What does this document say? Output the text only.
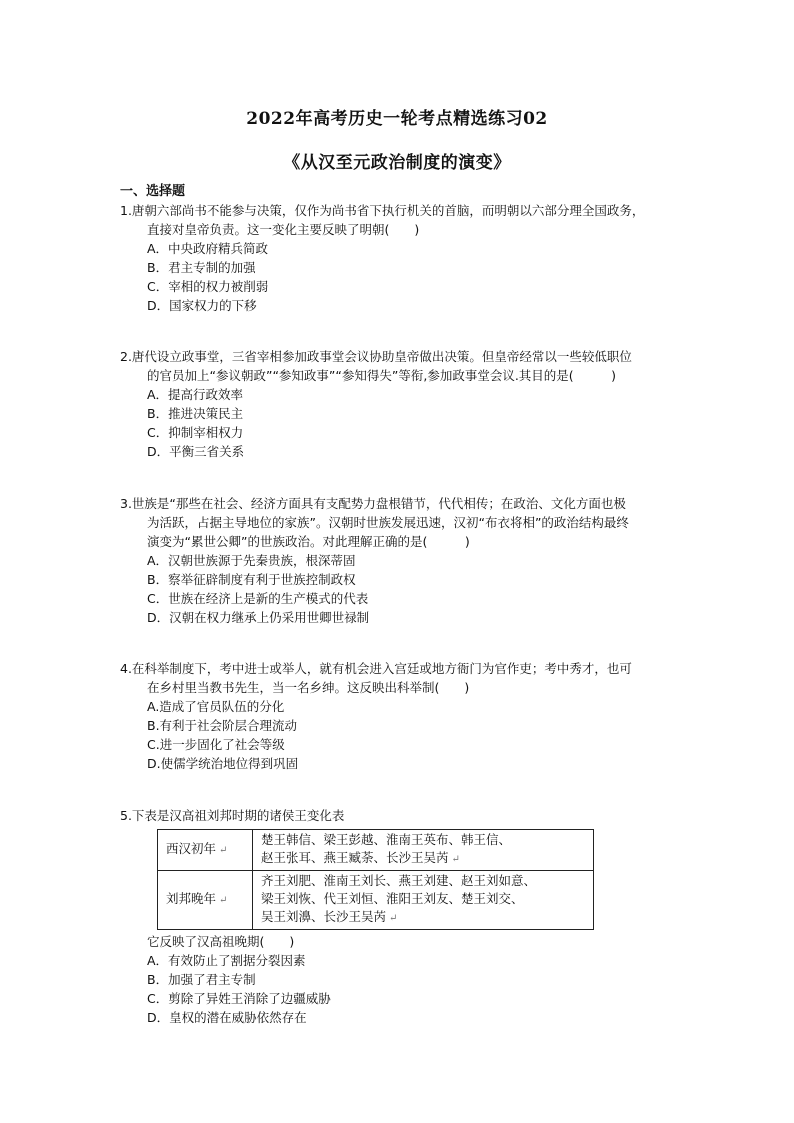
2022年高考历史一轮考点精选练习02
《从汉至元政治制度的演变》
一、选择题
1.唐朝六部尚书不能参与决策，仅作为尚书省下执行机关的首脑，而明朝以六部分理全国政务，
直接对皇帝负责。这一变化主要反映了明朝(　　)
A．中央政府精兵简政
B．君主专制的加强
C．宰相的权力被削弱
D．国家权力的下移
2.唐代设立政事堂，三省宰相参加政事堂会议协助皇帝做出决策。但皇帝经常以一些较低职位
的官员加上“参议朝政”“参知政事”“参知得失”等衔,参加政事堂会议.其目的是(　　　)
A．提高行政效率
B．推进决策民主
C．抑制宰相权力
D．平衡三省关系
3.世族是“那些在社会、经济方面具有支配势力盘根错节，代代相传；在政治、文化方面也极
为活跃，占据主导地位的家族”。汉朝时世族发展迅速，汉初“布衣将相”的政治结构最终
演变为“累世公卿”的世族政治。对此理解正确的是(　　　)
A．汉朝世族源于先秦贵族，根深蒂固
B．察举征辟制度有利于世族控制政权
C．世族在经济上是新的生产模式的代表
D．汉朝在权力继承上仍采用世卿世禄制
4.在科举制度下，考中进士或举人，就有机会进入宫廷或地方衙门为官作吏；考中秀才，也可
在乡村里当教书先生，当一名乡绅。这反映出科举制(　　)
A.造成了官员队伍的分化
B.有利于社会阶层合理流动
C.进一步固化了社会等级
D.使儒学统治地位得到巩固
5.下表是汉高祖刘邦时期的诸侯王变化表
西汉初年 ↵	楚王韩信、梁王彭越、淮南王英布、韩王信、
赵王张耳、燕王臧荼、长沙王吴芮 ↵
刘邦晚年 ↵	齐王刘肥、淮南王刘长、燕王刘建、赵王刘如意、
梁王刘恢、代王刘恒、淮阳王刘友、楚王刘交、
吴王刘濞、长沙王吴芮 ↵
它反映了汉高祖晚期(　　)
A．有效防止了割据分裂因素
B．加强了君主专制
C．剪除了异姓王消除了边疆威胁
D．皇权的潜在威胁依然存在
